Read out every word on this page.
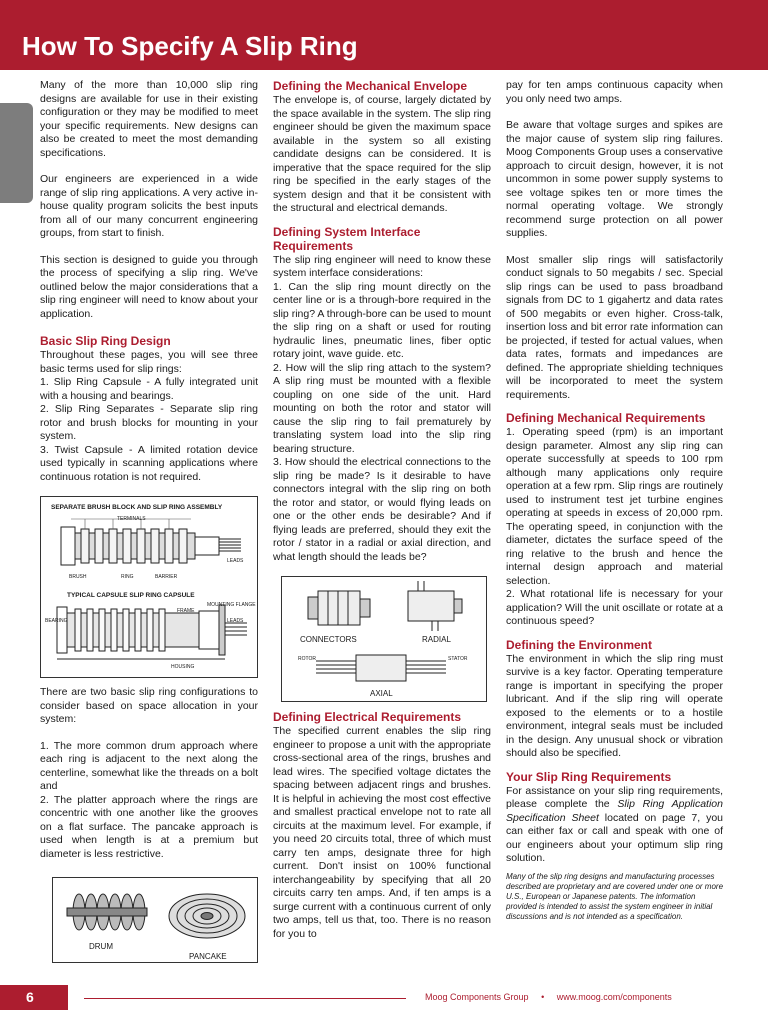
How To Specify A Slip Ring

Many of the more than 10,000 slip ring designs are available for use in their existing configuration or they may be modified to meet your specific requirements. New designs can also be created to meet the most demanding specifications.

Our engineers are experienced in a wide range of slip ring applications. A very active in-house quality program solicits the best inputs from all of our many concurrent engineering groups, from start to finish.

This section is designed to guide you through the process of specifying a slip ring. We've outlined below the major considerations that a slip ring engineer will need to know about your application.

Basic Slip Ring Design
Throughout these pages, you will see three basic terms used for slip rings:
1. Slip Ring Capsule - A fully integrated unit with a housing and bearings.
2. Slip Ring Separates - Separate slip ring rotor and brush blocks for mounting in your system.
3. Twist Capsule - A limited rotation device used typically in scanning applications where continuous rotation is not required.
SEPARATE BRUSH BLOCK AND SLIP RING ASSEMBLY
TERMINALS
LEADS
BRUSH	RING	BARRIER
TYPICAL CAPSULE SLIP RING CAPSULE
MOUNTING FLANGE
FRAME
BEARING	LEADS
HOUSING
There are two basic slip ring configurations to consider based on space allocation in your system:
1. The more common drum approach where each ring is adjacent to the next along the centerline, somewhat like the threads on a bolt and
2. The platter approach where the rings are concentric with one another like the grooves on a flat surface. The pancake approach is used when length is at a premium but diameter is less restrictive.
DRUM
PANCAKE
Defining the Mechanical Envelope

The envelope is, of course, largely dictated by the space available in the system. The slip ring engineer should be given the maximum space available in the system so all existing candidate designs can be considered. It is imperative that the space required for the slip ring be specified in the early stages of the system design and that it be consistent with the structural and electrical demands.

Defining System Interface Requirements
The slip ring engineer will need to know these system interface considerations:
1. Can the slip ring mount directly on the center line or is a through-bore required in the slip ring? A through-bore can be used to mount the slip ring on a shaft or used for routing hydraulic lines, pneumatic lines, fiber optic rotary joint, wave guide. etc.
2. How will the slip ring attach to the system? A slip ring must be mounted with a flexible coupling on one side of the unit. Hard mounting on both the rotor and stator will cause the slip ring to fail prematurely by translating system load into the slip ring bearing structure.
3. How should the electrical connections to the slip ring be made? Is it desirable to have connectors integral with the slip ring on both the rotor and stator, or would flying leads on one or the other ends be desirable? And if flying leads are preferred, should they exit the rotor / stator in a radial or axial direction, and what length should the leads be?
CONNECTORS	RADIAL
AXIAL
ROTOR	STATOR
Defining Electrical Requirements

The specified current enables the slip ring engineer to propose a unit with the appropriate cross-sectional area of the rings, brushes and lead wires. The specified voltage dictates the spacing between adjacent rings and brushes. It is helpful in achieving the most cost effective and smallest practical envelope not to rate all circuits at the maximum level. For example, if you need 20 circuits total, three of which must carry ten amps, designate three for high current. Don't insist on 100% functional interchangeability by specifying that all 20 circuits carry ten amps. And, if ten amps is a surge current with a continuous current of only two amps, tell us that, too. There is no reason for you to

pay for ten amps continuous capacity when you only need two amps.

Be aware that voltage surges and spikes are the major cause of system slip ring failures. Moog Components Group uses a conservative approach to circuit design, however, it is not uncommon in some power supply systems to see voltage spikes ten or more times the normal operating voltage. We strongly recommend surge protection on all power supplies.

Most smaller slip rings will satisfactorily conduct signals to 50 megabits / sec. Special slip rings can be used to pass broadband signals from DC to 1 gigahertz and data rates of 500 megabits or even higher. Cross-talk, insertion loss and bit error rate information can be projected, if tested for actual values, when data rates, formats and impedances are defined. The appropriate shielding techniques will be incorporated to meet the system requirements.

Defining Mechanical Requirements
1. Operating speed (rpm) is an important design parameter. Almost any slip ring can operate successfully at speeds to 100 rpm although many applications only require operation at a few rpm. Slip rings are routinely used to instrument test jet turbine engines operating at speeds in excess of 20,000 rpm. The operating speed, in conjunction with the diameter, dictates the surface speed of the ring relative to the brush and hence the internal design approach and material selection.
2. What rotational life is necessary for your application? Will the unit oscillate or rotate at a continuous speed?
Defining the Environment

The environment in which the slip ring must survive is a key factor. Operating temperature range is important in specifying the proper lubricant. And if the slip ring will operate exposed to the elements or to a hostile environment, integral seals must be included in the design. Any unusual shock or vibration should also be specified.

Your Slip Ring Requirements
For assistance on your slip ring requirements, please complete the Slip Ring Application Specification Sheet located on page 7, you can either fax or call and speak with one of our engineers about your optimum slip ring solution.
Many of the slip ring designs and manufacturing processes described are proprietary and are covered under one or more U.S., European or Japanese patents. The information provided is intended to assist the system engineer in initial discussions and is not intended as a specification.
6	Moog Components Group • www.moog.com/components
